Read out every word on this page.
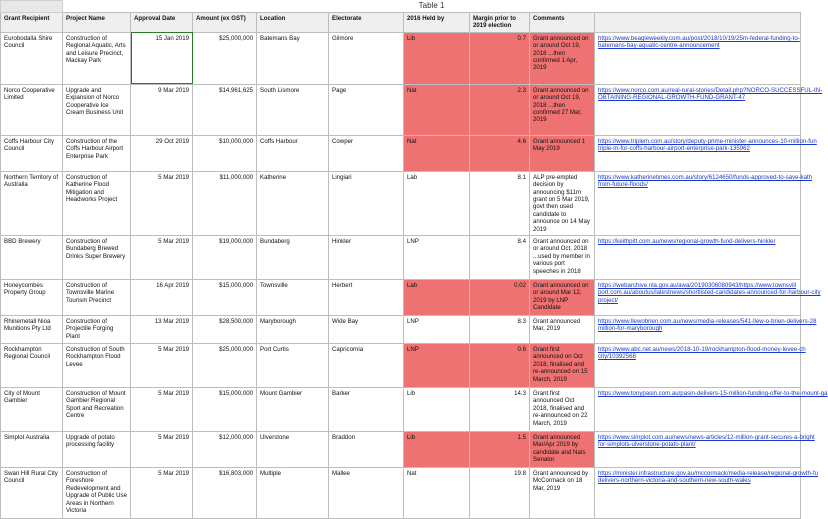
	Table 1								
Grant Recipient	Project Name	Approval Date	Amount (ex GST)	Location	Electorate	2016 Held by	Margin prior to
2019 election	Comments	
Eurobodalla Shire Council	Construction of Regional Aquatic, Arts and Leisure Precinct, Mackay Park	15 Jan 2019	$25,000,000	Batemans Bay	Gilmore	Lib	0.7	Grant announced on or around Oct 19, 2018 ...then confirmed 1 Apr, 2019	https://www.beagleweekly.com.au/post/2018/10/19/25m-federal-funding-to-
batemans-bay-aquatic-centre-announcement
Norco Cooperative Limited	Upgrade and Expansion of Norco Cooperative Ice Cream Business Unit	9 Mar 2019	$14,961,625	South Lismore	Page	Nat	2.3	Grant announced on or around Oct 19, 2018 ...then confirmed 27 Mar, 2019	https://www.norco.com.au/real-rural-stories/Detail.php?NORCO-SUCCESSFUL-IN-
OBTAINING-REGIONAL-GROWTH-FUND-GRANT-47
Coffs Harbour City Council	Construction of the Coffs Harbour Airport Enterprise Park	29 Oct 2019	$10,000,000	Coffs Harbour	Cowper	Nat	4.6	Grant announced 1 May 2019	https://www.triplem.com.au/story/deputy-prime-minister-announces-10-million-fun
triple-m-for-coffs-harbour-airport-enterprise-park-135962
Northern Territory of Australia	Construction of Katherine Flood Mitigation and Headworks Project	5 Mar 2019	$11,000,000	Katherine	Lingiari	Lab	8.1	ALP pre-empted decision by announcing $11m grant on 5 Mar 2019, govt then used candidate to announce on 14 May 2019	https://www.katherinetimes.com.au/story/6124650/funds-approved-to-save-kath
from-future-floods/
BBD Brewery	Construction of Bundaberg Brewed Drinks Super Brewery	5 Mar 2019	$19,000,000	Bundaberg	Hinkler	LNP	8.4	Grant announced on or around Oct, 2018 ...used by member in various port speeches in 2018	https://keithpitt.com.au/news/regional-growth-fund-delivers-hinkler
Honeycombes Property Group	Construction of Townsville Marine Tourism Precinct	16 Apr 2019	$15,000,000	Townsville	Herbert	Lab	0.02	Grant announced on or around Mar 12, 2019 by LNP Candidate	https://webarchive.nla.gov.au/awa/20190306080943/https://www.townsvill
port.com.au/aboutus/latestnews/shortlisted-candidates-announced-for-harbour-city
project/
Rhinemetall Nioa Munitions Pty Ltd	Construction of Projectile Forging Plant	13 Mar 2019	$28,500,000	Maryborough	Wide Bay	LNP	8.3	Grant announced Mar, 2019	https://www.llewobrien.com.au/news/media-releases/541-llew-o-brien-delivers-28
million-for-maryborough
Rockhampton Regional Council	Construction of South Rockhampton Flood Levee	5 Mar 2019	$25,000,000	Port Curtis	Capricornia	LNP	0.6	Grant first announced on Oct 2018, finalised and re-announced on 15 March, 2019	https://www.abc.net.au/news/2018-10-19/rockhampton-flood-money-levee-ch
city/10392568
City of Mount Gambier	Construction of Mount Gambier Regional Sport and Recreation Centre	5 Mar 2019	$15,000,000	Mount Gambier	Barker	Lib	14.3	Grant first announced Oct 2018, finalised and re-announced on 22 March, 2019	https://www.tonypasin.com.au/pasin-delivers-15-million-funding-offer-to-the-mount-ga
Simplot Australia	Upgrade of potato processing facility	5 Mar 2019	$12,000,000	Ulverstone	Braddon	Lib	1.5	Grant announced Mar/Apr 2019 by candidate and Nats Senator	https://www.simplot.com.au/news/news-articles/12-million-grant-secures-a-bright
for-simplots-ulverstone-potato-plant/
Swan Hill Rural City Council	Construction of Foreshore Redevelopment and Upgrade of Public Use Areas in Northern Victoria	5 Mar 2019	$16,803,000	Multiple	Mallee	Nat	19.8	Grant announced by McCormack on 18 Mar, 2019	https://minister.infrastructure.gov.au/mccormack/media-release/regional-growth-fu
delivers-northern-victoria-and-southern-new-south-wales
